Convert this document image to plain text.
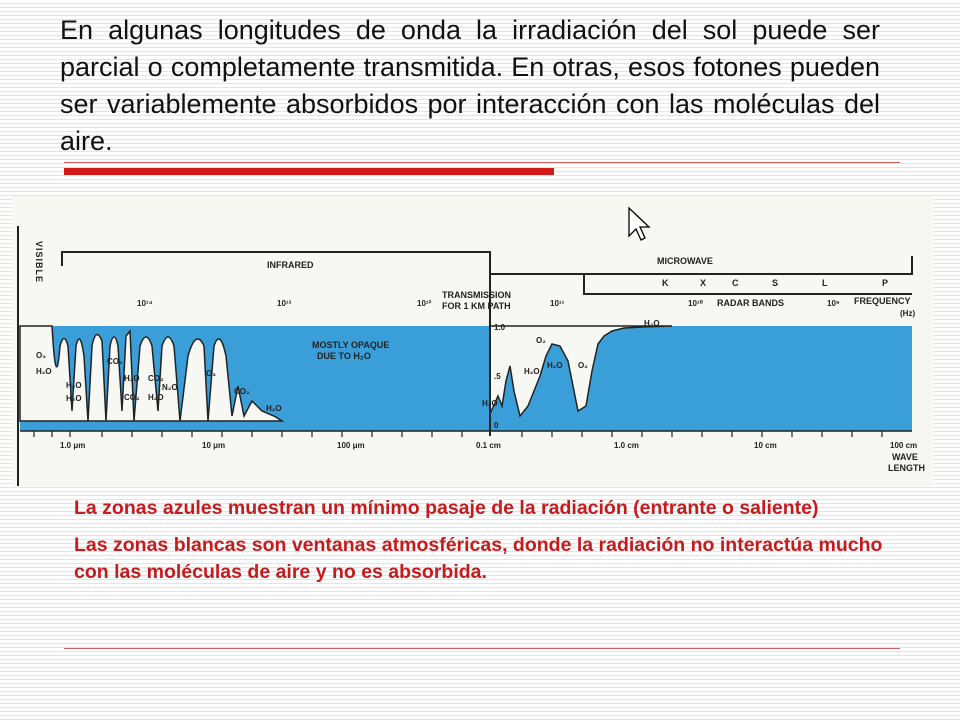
En algunas longitudes de onda la irradiación del sol puede ser parcial o completamente transmitida. En otras, esos fotones pueden ser variablemente absorbidos por interacción con las moléculas del aire.
VISIBLE	INFRARED	MICROWAVE
K	X	C	S	L	P
RADAR BANDS
10¹⁴	10¹³	10¹²	10¹¹	10¹⁰	10⁹ FREQUENCY
(Hz)
TRANSMISSION
FOR 1 KM PATH
1.0
.5
0
MOSTLY OPAQUE
DUE TO H₂O
O₃
H₂O
H₂O
H₂O
CO₂
H₂O CO₂
CO₂ H₂O
N₂O
O₃
CO₂
H₂O
H₂O
H₂O
O₂
H₂O O₂
H₂O
1.0 μm	10 μm	100 μm	0.1 cm	1.0 cm	10 cm	100 cm
WAVE
LENGTH

La zonas azules muestran un mínimo pasaje de la radiación (entrante o saliente)

Las zonas blancas son ventanas atmosféricas, donde la radiación no interactúa mucho con las moléculas de aire y no es absorbida.
